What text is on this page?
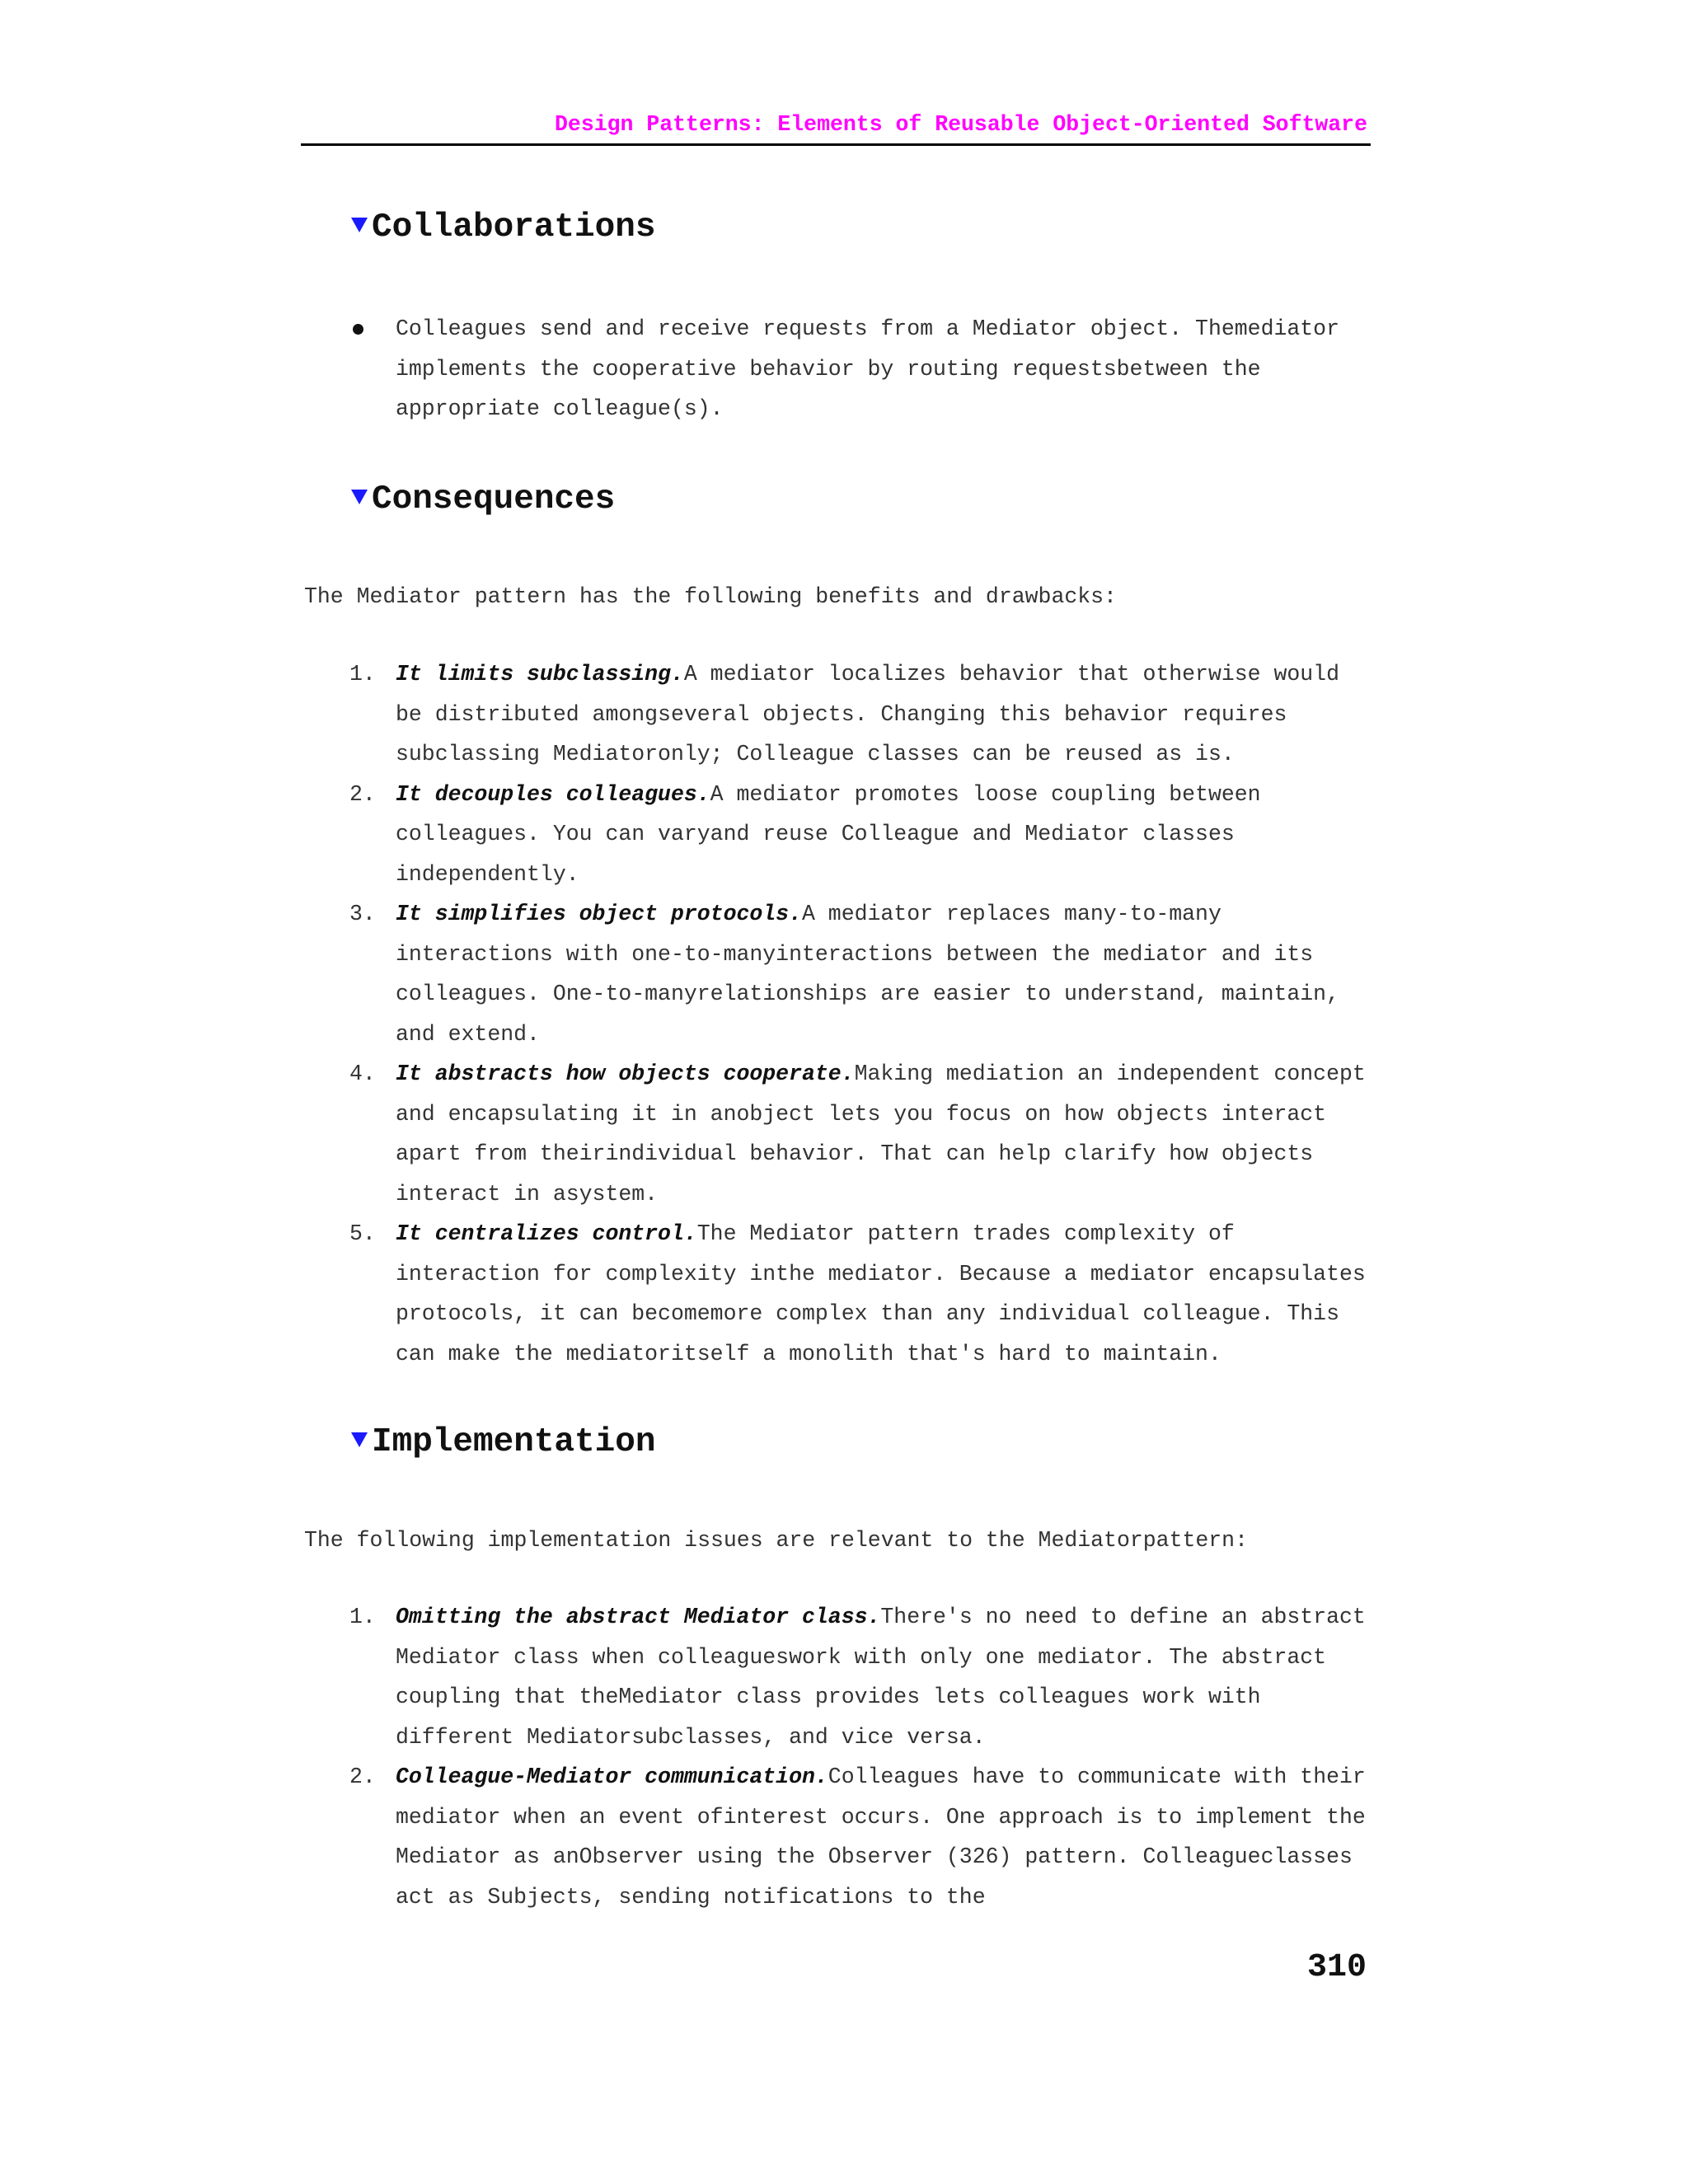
Design Patterns: Elements of Reusable Object-Oriented Software
Collaborations
Colleagues send and receive requests from a Mediator object. Themediator implements the cooperative behavior by routing requestsbetween the appropriate colleague(s).
Consequences
The Mediator pattern has the following benefits and drawbacks:
1. It limits subclassing.A mediator localizes behavior that otherwise would be distributed amongseveral objects. Changing this behavior requires subclassing Mediatoronly; Colleague classes can be reused as is.
2. It decouples colleagues.A mediator promotes loose coupling between colleagues. You can varyand reuse Colleague and Mediator classes independently.
3. It simplifies object protocols.A mediator replaces many-to-many interactions with one-to-manyinteractions between the mediator and its colleagues. One-to-manyrelationships are easier to understand, maintain, and extend.
4. It abstracts how objects cooperate.Making mediation an independent concept and encapsulating it in anobject lets you focus on how objects interact apart from theirindividual behavior. That can help clarify how objects interact in asystem.
5. It centralizes control.The Mediator pattern trades complexity of interaction for complexity inthe mediator. Because a mediator encapsulates protocols, it can becomemore complex than any individual colleague. This can make the mediatoritself a monolith that's hard to maintain.
Implementation
The following implementation issues are relevant to the Mediatorpattern:
1. Omitting the abstract Mediator class.There's no need to define an abstract Mediator class when colleagueswork with only one mediator. The abstract coupling that theMediator class provides lets colleagues work with different Mediatorsubclasses, and vice versa.
2. Colleague-Mediator communication.Colleagues have to communicate with their mediator when an event ofinterest occurs. One approach is to implement the Mediator as anObserver using the Observer (326) pattern. Colleagueclasses act as Subjects, sending notifications to the
310
